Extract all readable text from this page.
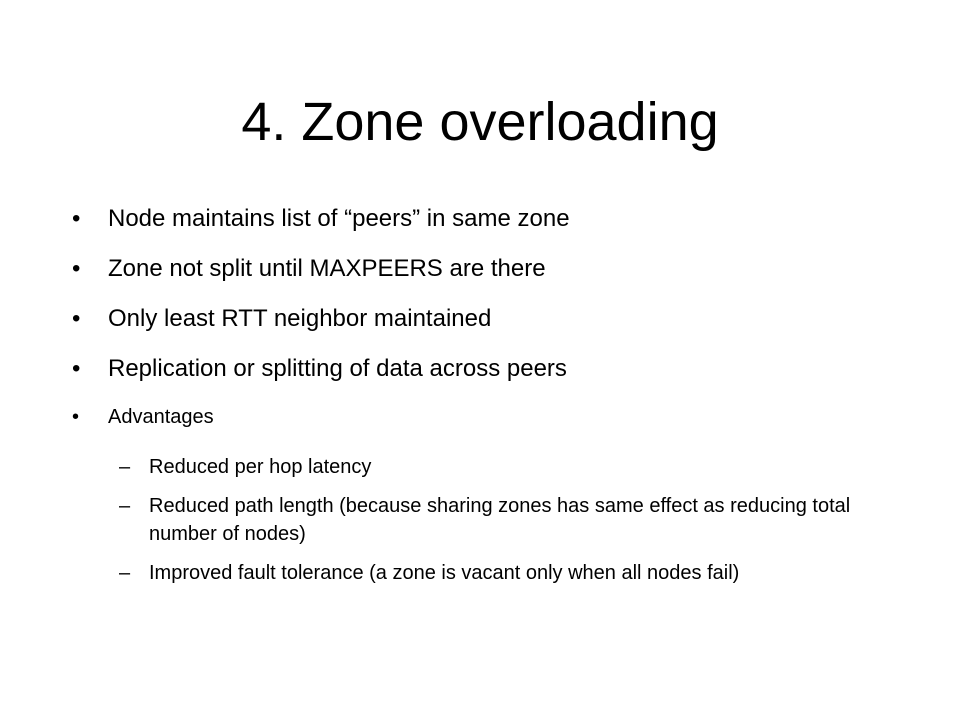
4. Zone overloading
•	Node maintains list of “peers” in same zone
•	Zone not split until MAXPEERS are there
•	Only least RTT neighbor maintained
•	Replication or splitting of data across peers
•	Advantages
– Reduced per hop latency
– Reduced path length (because sharing zones has same effect as reducing total number of nodes)
– Improved fault tolerance (a zone is vacant only when all nodes fail)
